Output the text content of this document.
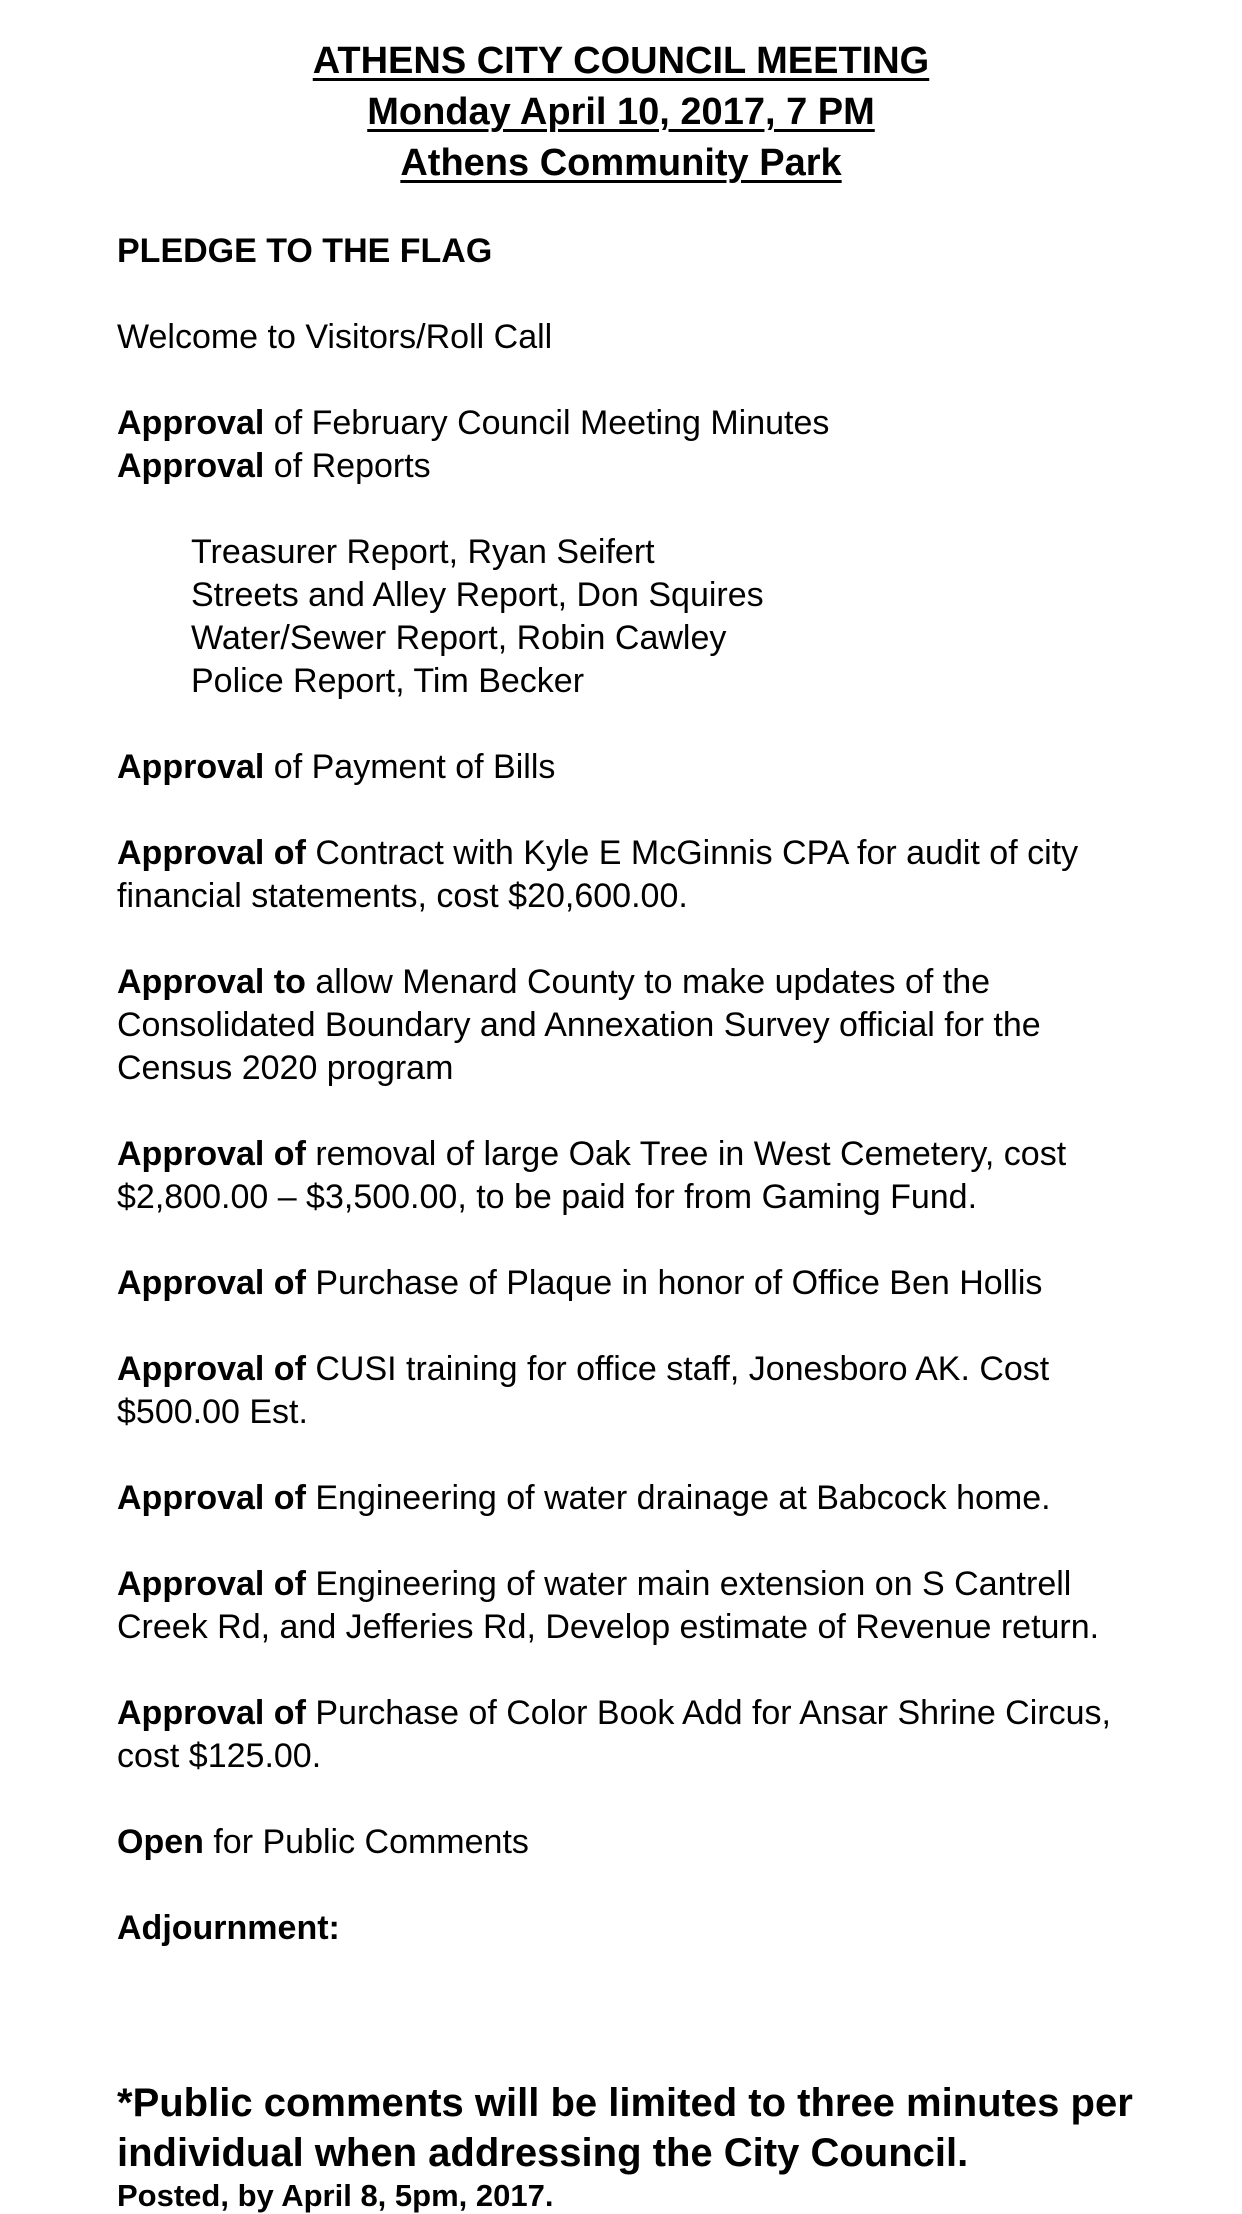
ATHENS CITY COUNCIL MEETING
Monday April 10, 2017, 7 PM
Athens Community Park
PLEDGE TO THE FLAG
Welcome to Visitors/Roll Call
Approval of February Council Meeting Minutes
Approval of Reports
Treasurer Report, Ryan Seifert
Streets and Alley Report, Don Squires
Water/Sewer Report, Robin Cawley
Police Report, Tim Becker
Approval of Payment of Bills
Approval of Contract with Kyle E McGinnis CPA for audit of city financial statements, cost $20,600.00.
Approval to allow Menard County to make updates of the Consolidated Boundary and Annexation Survey official for the Census 2020 program
Approval of removal of large Oak Tree in West Cemetery, cost $2,800.00 – $3,500.00, to be paid for from Gaming Fund.
Approval of Purchase of Plaque in honor of Office Ben Hollis
Approval of CUSI training for office staff, Jonesboro AK. Cost $500.00 Est.
Approval of Engineering of water drainage at Babcock home.
Approval of Engineering of water main extension on S Cantrell Creek Rd, and Jefferies Rd, Develop estimate of Revenue return.
Approval of Purchase of Color Book Add for Ansar Shrine Circus, cost $125.00.
Open for Public Comments
Adjournment:
*Public comments will be limited to three minutes per individual when addressing the City Council.
Posted, by April 8, 5pm, 2017.
